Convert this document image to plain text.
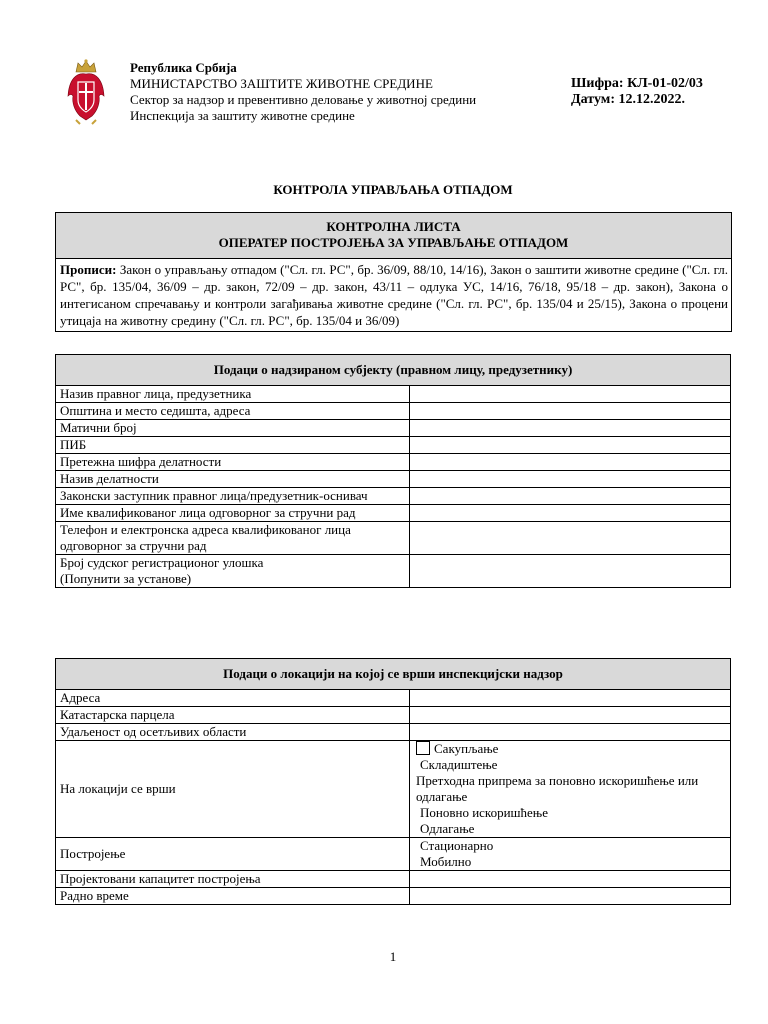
Република Србија
МИНИСТАРСТВО ЗАШТИТЕ ЖИВОТНЕ СРЕДИНЕ
Сектор за надзор и превентивно деловање у животној средини
Инспекција за заштиту животне средине
Шифра: КЛ-01-02/03
Датум: 12.12.2022.
КОНТРОЛА УПРАВЉАЊА ОТПАДОМ
КОНТРОЛНА ЛИСТА
ОПЕРАТЕР ПОСТРОЈЕЊА ЗА УПРАВЉАЊЕ ОТПАДОМ
Прописи: Закон о управљању отпадом ("Сл. гл. РС", бр. 36/09, 88/10, 14/16), Закон о заштити животне средине ("Сл. гл. РС", бр. 135/04, 36/09 – др. закон, 72/09 – др. закон, 43/11 – одлука УС, 14/16, 76/18, 95/18 – др. закон), Закона о интегисаном спречавању и контроли загађивања животне средине ("Сл. гл. РС", бр. 135/04 и 25/15), Закона о процени утицаја на животну средину ("Сл. гл. РС", бр. 135/04 и 36/09)
Подаци о надзираном субјекту (правном лицу, предузетнику)	
Назив правног лица, предузетника	
Општина и место седишта, адреса	
Матични број	
ПИБ	
Претежна шифра делатности	
Назив делатности	
Законски заступник правног лица/предузетник-оснивач	
Име квалификованог лица одговорног за стручни рад	
Телефон и електронска адреса квалификованог лица одговорног за стручни рад	

Број судског регистрационог улошка
(Попунити за установе)	

Подаци о локацији на којој се врши инспекцијски надзор	
Адреса	
Катастарска парцела	
Удаљеност од осетљивих области	
На локацији се врши	Сакупљање
Складиштење
Претходна припрема за поновно искоришћење или одлагање
Поновно искоришћење
Одлагање

Постројење	Стационарно
Мобилно

Пројектовани капацитет постројења	
Радно време	
1
